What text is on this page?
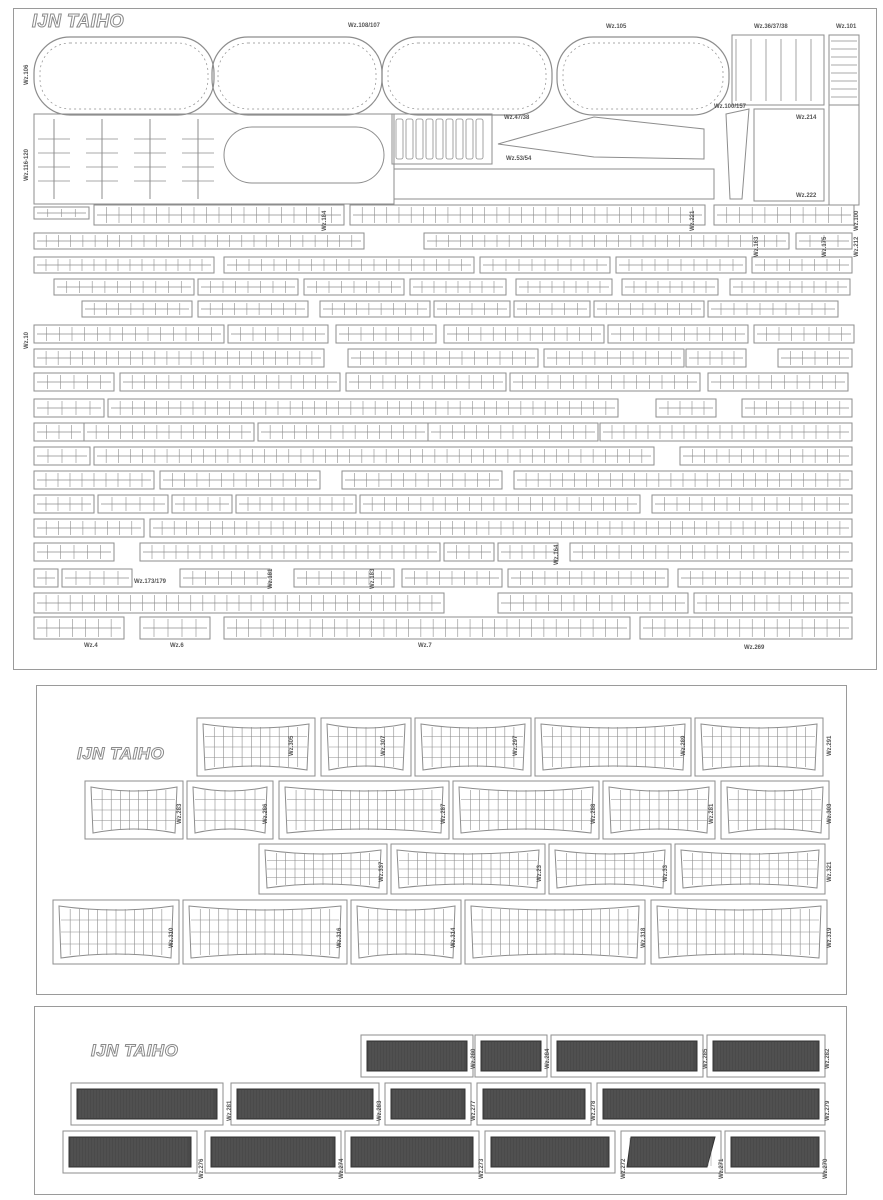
IJN TAIHO	Wz.108/107	Wz.105	Wz.36/37/38	Wz.101
Wz.106
Wz.116-120
Wz.100/157
Wz.214
Wz.47/38
Wz.53/54
Wz.222
Wz.184	Wz.221	Wz.100
Wz.163	Wz.175	Wz.212
Wz.10
Wz.7	Wz.269
Wz.4	Wz.6
Wz.173/179	Wz.181	Wz.183
Wz.164
IJN TAIHO	Wz.305	Wz.307	Wz.297	Wz.289	Wz.291
Wz.283	Wz.286	Wz.287	Wz.288	Wz.281	Wz.303
Wz.337	Wz.23	Wz.33	Wz.321
Wz.310	Wz.316	Wz.314	Wz.318	Wz.319
IJN TAIHO	Wz.280	Wz.284	Wz.285	Wz.282
Wz.281	Wz.283	Wz.277	Wz.278	Wz.279
Wz.276	Wz.274	Wz.273	Wz.272	Wz.271	Wz.270
